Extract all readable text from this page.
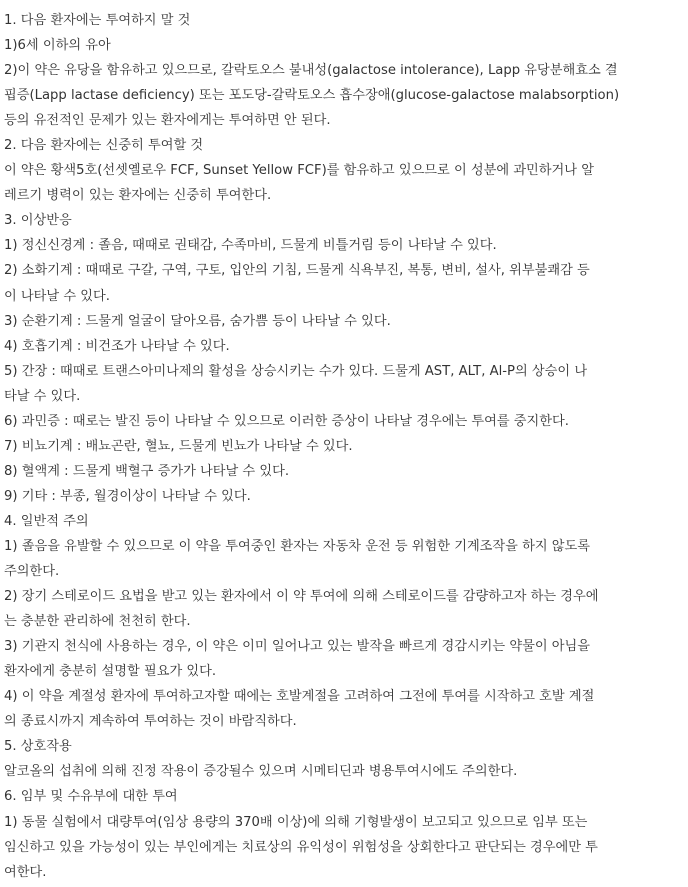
1. 다음 환자에는 투여하지 말 것
1)6세 이하의 유아
2)이 약은 유당을 함유하고 있으므로, 갈락토오스 불내성(galactose intolerance), Lapp 유당분해효소 결
핍증(Lapp lactase deficiency) 또는 포도당-갈락토오스 흡수장애(glucose-galactose malabsorption)
등의 유전적인 문제가 있는 환자에게는 투여하면 안 된다.
2. 다음 환자에는 신중히 투여할 것
이 약은 황색5호(선셋옐로우 FCF, Sunset Yellow FCF)를 함유하고 있으므로 이 성분에 과민하거나 알
레르기 병력이 있는 환자에는 신중히 투여한다.
3. 이상반응
1) 정신신경계 : 졸음, 때때로 권태감, 수족마비, 드물게 비틀거림 등이 나타날 수 있다.
2) 소화기계 : 때때로 구갈, 구역, 구토, 입안의 기침, 드물게 식욕부진, 복통, 변비, 설사, 위부불쾌감 등
이 나타날 수 있다.
3) 순환기계 : 드물게 얼굴이 달아오름, 숨가쁨 등이 나타날 수 있다.
4) 호흡기계 : 비건조가 나타날 수 있다.
5) 간장 : 때때로 트랜스아미나제의 활성을 상승시키는 수가 있다. 드물게 AST, ALT, Al-P의 상승이 나
타날 수 있다.
6) 과민증 : 때로는 발진 등이 나타날 수 있으므로 이러한 증상이 나타날 경우에는 투여를 중지한다.
7) 비뇨기계 : 배뇨곤란, 혈뇨, 드물게 빈뇨가 나타날 수 있다.
8) 혈액계 : 드물게 백혈구 증가가 나타날 수 있다.
9) 기타 : 부종, 월경이상이 나타날 수 있다.
4. 일반적 주의
1) 졸음을 유발할 수 있으므로 이 약을 투여중인 환자는 자동차 운전 등 위험한 기계조작을 하지 않도록
주의한다.
2) 장기 스테로이드 요법을 받고 있는 환자에서 이 약 투여에 의해 스테로이드를 감량하고자 하는 경우에
는 충분한 관리하에 천천히 한다.
3) 기관지 천식에 사용하는 경우, 이 약은 이미 일어나고 있는 발작을 빠르게 경감시키는 약물이 아님을
환자에게 충분히 설명할 필요가 있다.
4) 이 약을 계절성 환자에 투여하고자할 때에는 호발계절을 고려하여 그전에 투여를 시작하고 호발 계절
의 종료시까지 계속하여 투여하는 것이 바람직하다.
5. 상호작용
알코올의 섭취에 의해 진정 작용이 증강될수 있으며 시메티딘과 병용투여시에도 주의한다.
6. 임부 및 수유부에 대한 투여
1) 동물 실험에서 대량투여(임상 용량의 370배 이상)에 의해 기형발생이 보고되고 있으므로 임부 또는
임신하고 있을 가능성이 있는 부인에게는 치료상의 유익성이 위험성을 상회한다고 판단되는 경우에만 투
여한다.
